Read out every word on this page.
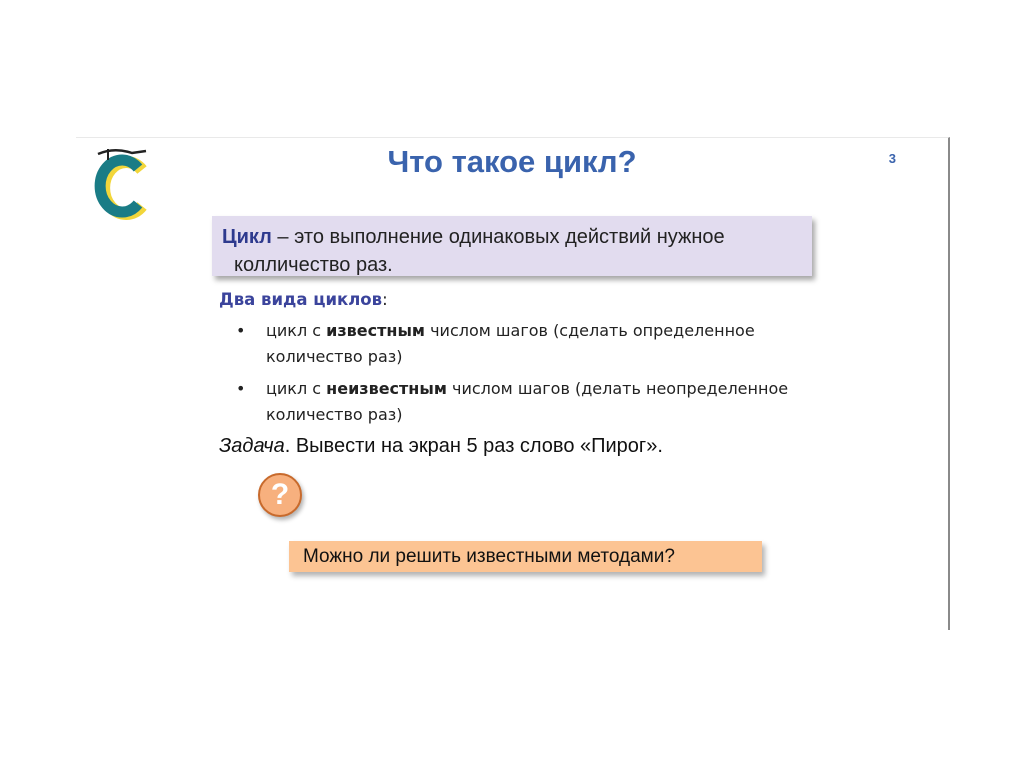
Что такое цикл?	3
Цикл – это выполнение одинаковых действий нужное
колличество раз.
Два вида циклов:
• цикл с известным числом шагов (сделать определенное количество раз)
• цикл с неизвестным числом шагов (делать неопределенное количество раз)
Задача. Вывести на экран 5 раз слово «Пирог».
?
Можно ли решить известными методами?
